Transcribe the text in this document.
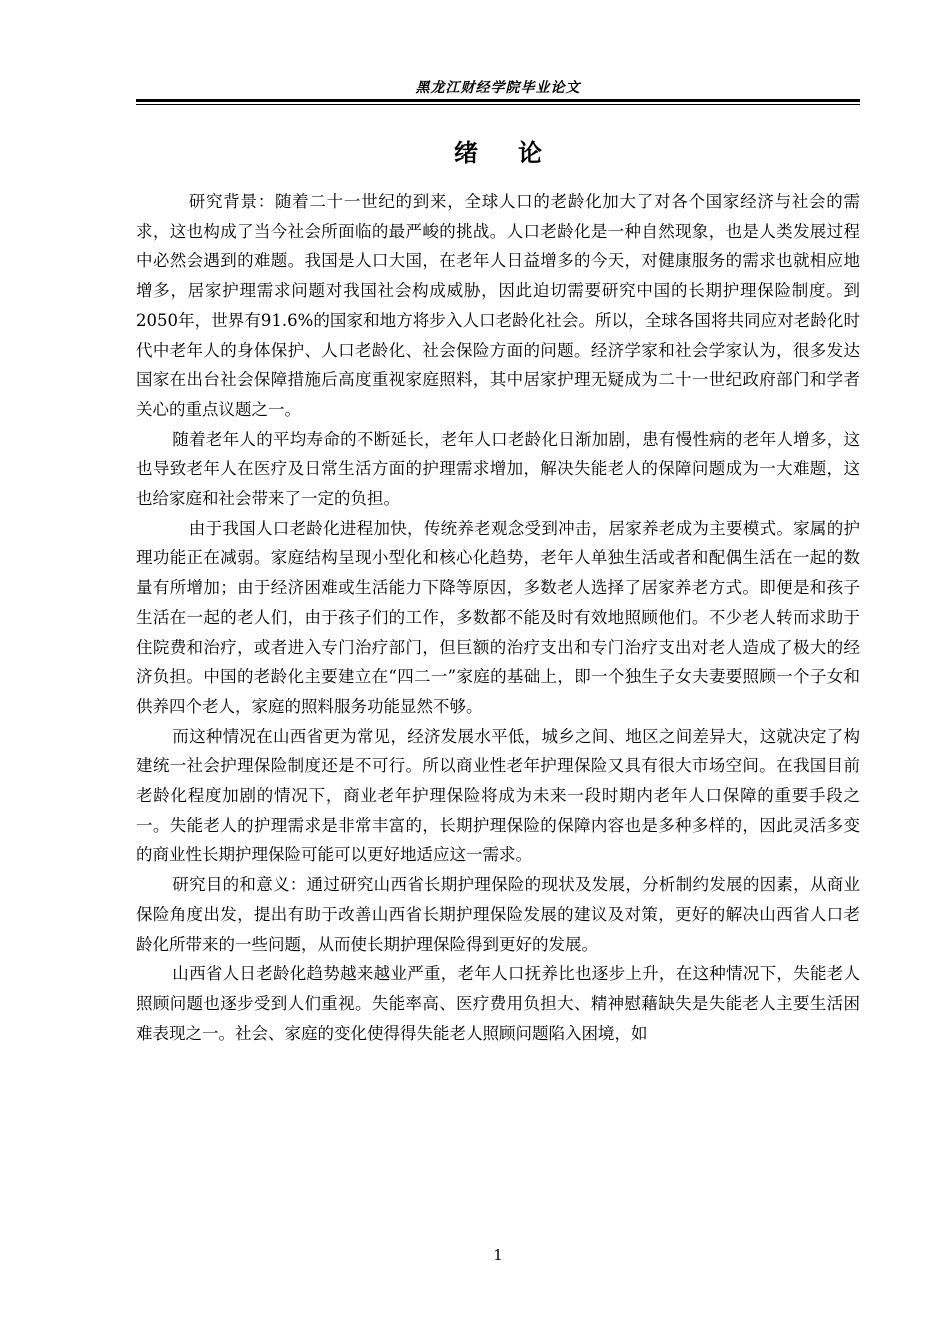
黑龙江财经学院毕业论文
绪 论

研究背景：随着二十一世纪的到来，全球人口的老龄化加大了对各个国家经济与社会的需求，这也构成了当今社会所面临的最严峻的挑战。人口老龄化是一种自然现象，也是人类发展过程中必然会遇到的难题。我国是人口大国，在老年人日益增多的今天，对健康服务的需求也就相应地增多，居家护理需求问题对我国社会构成威胁，因此迫切需要研究中国的长期护理保险制度。到2050年，世界有91.6%的国家和地方将步入人口老龄化社会。所以，全球各国将共同应对老龄化时代中老年人的身体保护、人口老龄化、社会保险方面的问题。经济学家和社会学家认为，很多发达国家在出台社会保障措施后高度重视家庭照料，其中居家护理无疑成为二十一世纪政府部门和学者关心的重点议题之一。

随着老年人的平均寿命的不断延长，老年人口老龄化日渐加剧，患有慢性病的老年人增多，这也导致老年人在医疗及日常生活方面的护理需求增加，解决失能老人的保障问题成为一大难题，这也给家庭和社会带来了一定的负担。

由于我国人口老龄化进程加快，传统养老观念受到冲击，居家养老成为主要模式。家属的护理功能正在减弱。家庭结构呈现小型化和核心化趋势，老年人单独生活或者和配偶生活在一起的数量有所增加；由于经济困难或生活能力下降等原因，多数老人选择了居家养老方式。即便是和孩子生活在一起的老人们，由于孩子们的工作，多数都不能及时有效地照顾他们。不少老人转而求助于住院费和治疗，或者进入专门治疗部门，但巨额的治疗支出和专门治疗支出对老人造成了极大的经济负担。中国的老龄化主要建立在“四二一”家庭的基础上，即一个独生子女夫妻要照顾一个子女和供养四个老人，家庭的照料服务功能显然不够。

而这种情况在山西省更为常见，经济发展水平低，城乡之间、地区之间差异大，这就决定了构建统一社会护理保险制度还是不可行。所以商业性老年护理保险又具有很大市场空间。在我国目前老龄化程度加剧的情况下，商业老年护理保险将成为未来一段时期内老年人口保障的重要手段之一。失能老人的护理需求是非常丰富的，长期护理保险的保障内容也是多种多样的，因此灵活多变的商业性长期护理保险可能可以更好地适应这一需求。

研究目的和意义：通过研究山西省长期护理保险的现状及发展，分析制约发展的因素，从商业保险角度出发，提出有助于改善山西省长期护理保险发展的建议及对策，更好的解决山西省人口老龄化所带来的一些问题，从而使长期护理保险得到更好的发展。

山西省人日老龄化趋势越来越业严重，老年人口抚养比也逐步上升，在这种情况下，失能老人照顾问题也逐步受到人们重视。失能率高、医疗费用负担大、精神慰藉缺失是失能老人主要生活困难表现之一。社会、家庭的变化使得得失能老人照顾问题陷入困境，如

1
